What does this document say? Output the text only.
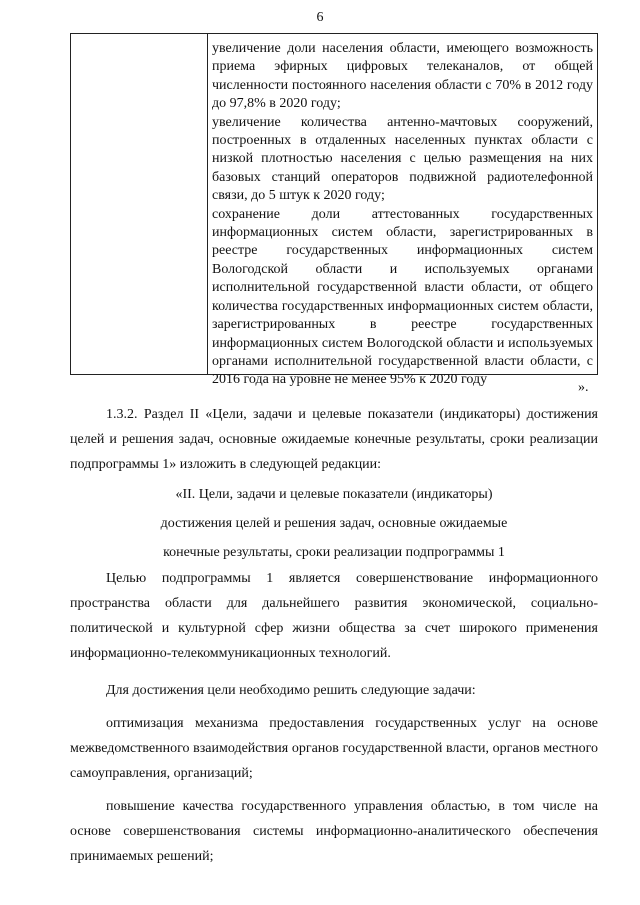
6

увеличение доли населения области, имеющего возможность приема эфирных цифровых телеканалов, от общей численности постоянного населения области с 70% в 2012 году до 97,8% в 2020 году;

увеличение количества антенно-мачтовых сооружений, построенных в отдаленных населенных пунктах области с низкой плотностью населения с целью размещения на них базовых станций операторов подвижной радиотелефонной связи, до 5 штук к 2020 году;

сохранение доли аттестованных государственных информационных систем области, зарегистрированных в реестре государственных информационных систем Вологодской области и используемых органами исполнительной государственной власти области, от общего количества государственных информационных систем области, зарегистрированных в реестре государственных информационных систем Вологодской области и используемых органами исполнительной государственной власти области, с 2016 года на уровне не менее 95% к 2020 году

».

1.3.2. Раздел II «Цели, задачи и целевые показатели (индикаторы) достижения целей и решения задач, основные ожидаемые конечные результаты, сроки реализации подпрограммы 1» изложить в следующей редакции:

«II. Цели, задачи и целевые показатели (индикаторы)

достижения целей и решения задач, основные ожидаемые

конечные результаты, сроки реализации подпрограммы 1

Целью подпрограммы 1 является совершенствование информационного пространства области для дальнейшего развития экономической, социально-политической и культурной сфер жизни общества за счет широкого применения информационно-телекоммуникационных технологий.

Для достижения цели необходимо решить следующие задачи:

оптимизация механизма предоставления государственных услуг на основе межведомственного взаимодействия органов государственной власти, органов местного самоуправления, организаций;

повышение качества государственного управления областью, в том числе на основе совершенствования системы информационно-аналитического обеспечения принимаемых решений;
